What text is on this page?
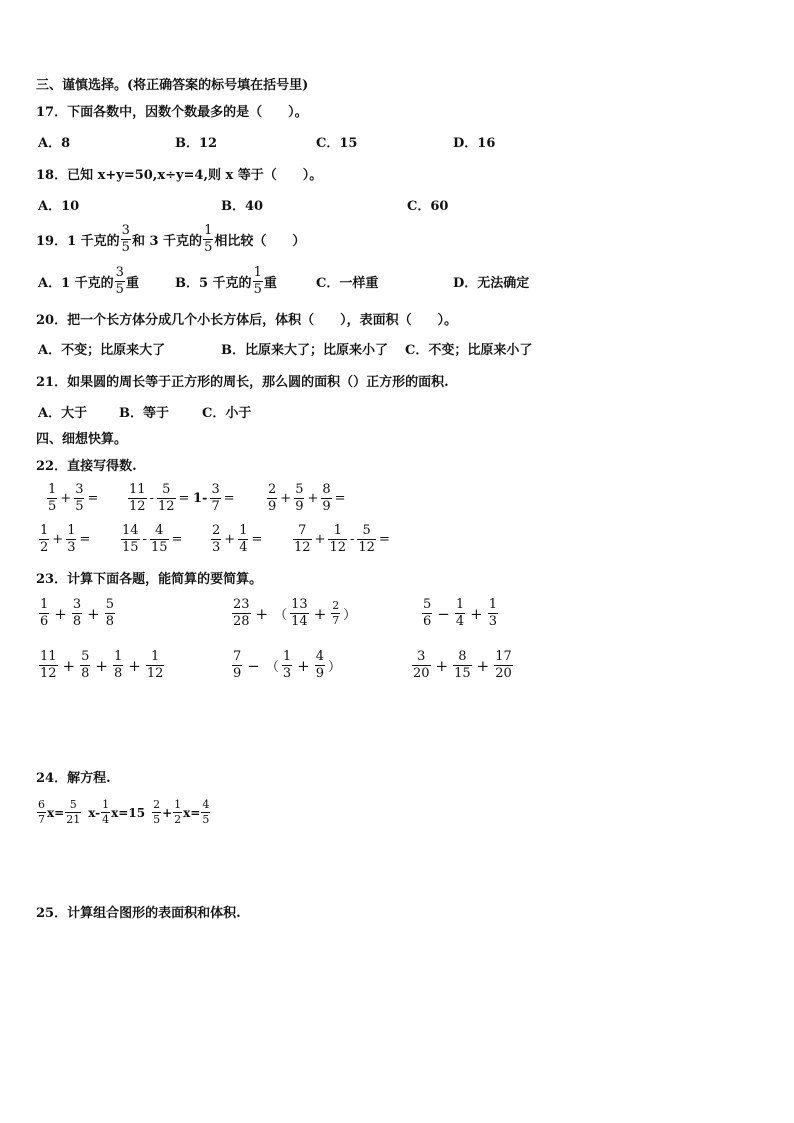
三、谨慎选择。(将正确答案的标号填在括号里)
17．下面各数中，因数个数最多的是（　　）。
A．8	B．12	C．15	D．16
18．已知 x+y=50,x÷y=4,则 x 等于（　　）。
A．10	B．40	C．60
19．1 千克的 $\frac{3}{5}$ 和 3 千克的 $\frac{1}{5}$ 相比较（　　）
A．1 千克的 $\frac{3}{5}$ 重	B．5 千克的 $\frac{1}{5}$ 重	C．一样重	D．无法确定
20．把一个长方体分成几个小长方体后，体积（　　），表面积（　　）。
A．不变；比原来大了	B．比原来大了；比原来小了 C．不变；比原来小了
21．如果圆的周长等于正方形的周长，那么圆的面积（）正方形的面积.
A．大于 B．等于	C．小于
四、细想快算。
22．直接写得数.
$\frac{1}{5} + \frac{3}{5} = \frac{11}{12} - \frac{5}{12} = 1- \frac{3}{7} = \frac{2}{9} + \frac{5}{9} + \frac{8}{9}$ =
$\frac{1}{2} + \frac{1}{3} = \frac{14}{15} - \frac{4}{15} = \frac{2}{3} + \frac{1}{4} = \frac{7}{12} + \frac{1}{12} - \frac{5}{12}$ =
23．计算下面各题，能简算的要简算。
$\frac{1}{6} + \frac{3}{8} + \frac{5}{8}$	$\frac{23}{28}$ + （ $\frac{13}{14} + \frac{2}{7}$ ）	$\frac{5}{6} - \frac{1}{4} + \frac{1}{3}$
$\frac{11}{12} + \frac{5}{8} + \frac{1}{8} + \frac{1}{12}$	$\frac{7}{9}$ − （ $\frac{1}{3} + \frac{4}{9}$ ）	$\frac{3}{20} + \frac{8}{15} + \frac{17}{20}$
24．解方程.
$\frac{6}{7} x= \frac{5}{21} x- \frac{1}{4} x=15 \frac{2}{5} + \frac{1}{2} x= \frac{4}{5}$
25．计算组合图形的表面积和体积.
